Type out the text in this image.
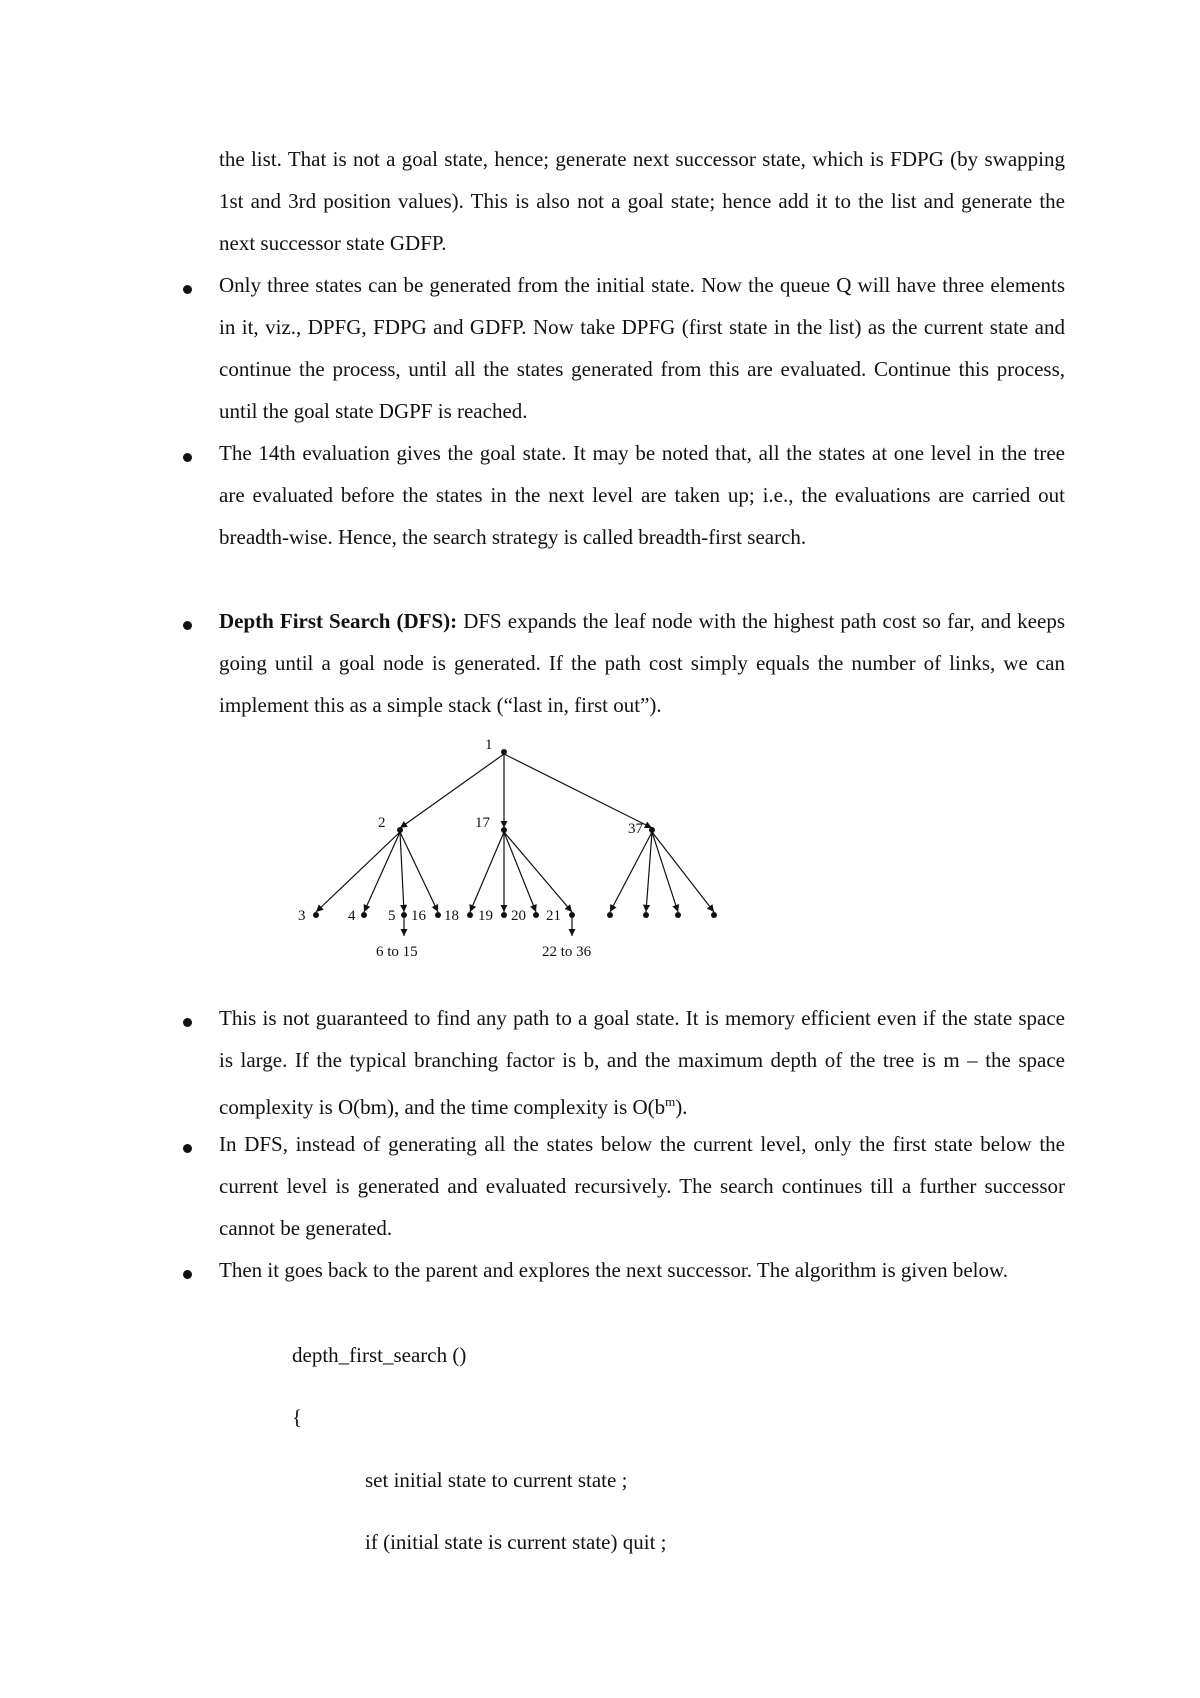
the list. That is not a goal state, hence; generate next successor state, which is FDPG (by swapping 1st and 3rd position values). This is also not a goal state; hence add it to the list and generate the next successor state GDFP.
Only three states can be generated from the initial state. Now the queue Q will have three elements in it, viz., DPFG, FDPG and GDFP. Now take DPFG (first state in the list) as the current state and continue the process, until all the states generated from this are evaluated. Continue this process, until the goal state DGPF is reached.
The 14th evaluation gives the goal state. It may be noted that, all the states at one level in the tree are evaluated before the states in the next level are taken up; i.e., the evaluations are carried out breadth-wise. Hence, the search strategy is called breadth-first search.
Depth First Search (DFS): DFS expands the leaf node with the highest path cost so far, and keeps going until a goal node is generated. If the path cost simply equals the number of links, we can implement this as a simple stack (“last in, first out”).
1
2	17	37
3	4 5 16 18 19 20 21
6 to 15	22 to 36
This is not guaranteed to find any path to a goal state. It is memory efficient even if the state space is large. If the typical branching factor is b, and the maximum depth of the tree is m – the space complexity is O(bm), and the time complexity is $O(b^m)$.
In DFS, instead of generating all the states below the current level, only the first state below the current level is generated and evaluated recursively. The search continues till a further successor cannot be generated.
Then it goes back to the parent and explores the next successor. The algorithm is given below.
depth_first_search ()
{
set initial state to current state ;
if (initial state is current state) quit ;
